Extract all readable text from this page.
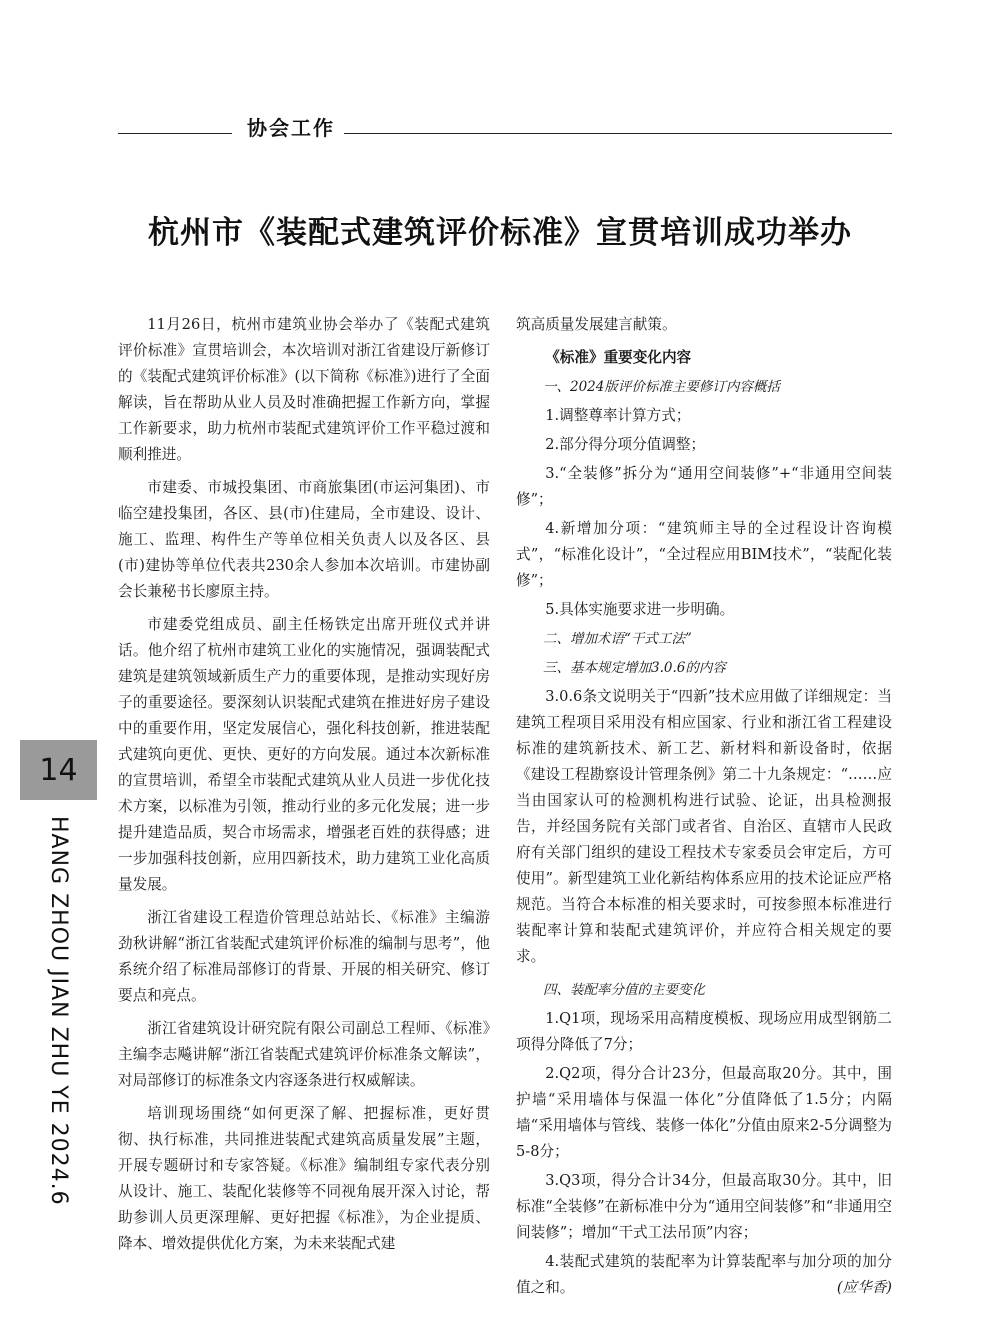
协会工作
杭州市《装配式建筑评价标准》宣贯培训成功举办

11月26日，杭州市建筑业协会举办了《装配式建筑评价标准》宣贯培训会，本次培训对浙江省建设厅新修订的《装配式建筑评价标准》(以下简称《标准》)进行了全面解读，旨在帮助从业人员及时准确把握工作新方向，掌握工作新要求，助力杭州市装配式建筑评价工作平稳过渡和顺利推进。

市建委、市城投集团、市商旅集团(市运河集团)、市临空建投集团，各区、县(市)住建局，全市建设、设计、施工、监理、构件生产等单位相关负责人以及各区、县(市)建协等单位代表共230余人参加本次培训。市建协副会长兼秘书长廖原主持。

市建委党组成员、副主任杨铁定出席开班仪式并讲话。他介绍了杭州市建筑工业化的实施情况，强调装配式建筑是建筑领域新质生产力的重要体现，是推动实现好房子的重要途径。要深刻认识装配式建筑在推进好房子建设中的重要作用，坚定发展信心，强化科技创新，推进装配式建筑向更优、更快、更好的方向发展。通过本次新标准的宣贯培训，希望全市装配式建筑从业人员进一步优化技术方案，以标准为引领，推动行业的多元化发展；进一步提升建造品质，契合市场需求，增强老百姓的获得感；进一步加强科技创新，应用四新技术，助力建筑工业化高质量发展。

浙江省建设工程造价管理总站站长、《标准》主编游劲秋讲解“浙江省装配式建筑评价标准的编制与思考”，他系统介绍了标准局部修订的背景、开展的相关研究、修订要点和亮点。

浙江省建筑设计研究院有限公司副总工程师、《标准》主编李志飚讲解“浙江省装配式建筑评价标准条文解读”，对局部修订的标准条文内容逐条进行权威解读。

培训现场围绕“如何更深了解、把握标准，更好贯彻、执行标准，共同推进装配式建筑高质量发展”主题，开展专题研讨和专家答疑。《标准》编制组专家代表分别从设计、施工、装配化装修等不同视角展开深入讨论，帮助参训人员更深理解、更好把握《标准》，为企业提质、降本、增效提供优化方案，为未来装配式建

筑高质量发展建言献策。

《标准》重要变化内容

一、2024版评价标准主要修订内容概括

1.调整尊率计算方式；

2.部分得分项分值调整；

3.“全装修”拆分为“通用空间装修”+“非通用空间装修”；

4.新增加分项：“建筑师主导的全过程设计咨询模式”，“标准化设计”，“全过程应用BIM技术”，“装配化装修”；

5.具体实施要求进一步明确。

二、增加术语“干式工法”

三、基本规定增加3.0.6的内容

3.0.6条文说明关于“四新”技术应用做了详细规定：当建筑工程项目采用没有相应国家、行业和浙江省工程建设标准的建筑新技术、新工艺、新材料和新设备时，依据《建设工程勘察设计管理条例》第二十九条规定：“……应当由国家认可的检测机构进行试验、论证，出具检测报告，并经国务院有关部门或者省、自治区、直辖市人民政府有关部门组织的建设工程技术专家委员会审定后，方可使用”。新型建筑工业化新结构体系应用的技术论证应严格规范。当符合本标准的相关要求时，可按参照本标准进行装配率计算和装配式建筑评价，并应符合相关规定的要求。

四、装配率分值的主要变化

1.Q1项，现场采用高精度模板、现场应用成型钢筋二项得分降低了7分；

2.Q2项，得分合计23分，但最高取20分。其中，围护墙“采用墙体与保温一体化”分值降低了1.5分；内隔墙“采用墙体与管线、装修一体化”分值由原来2-5分调整为5-8分；

3.Q3项，得分合计34分，但最高取30分。其中，旧标准“全装修”在新标准中分为“通用空间装修”和“非通用空间装修”；增加“干式工法吊顶”内容；

4.装配式建筑的装配率为计算装配率与加分项的加分值之和。	(应华香)

14
HANG ZHOU JIAN ZHU YE 2024.6
